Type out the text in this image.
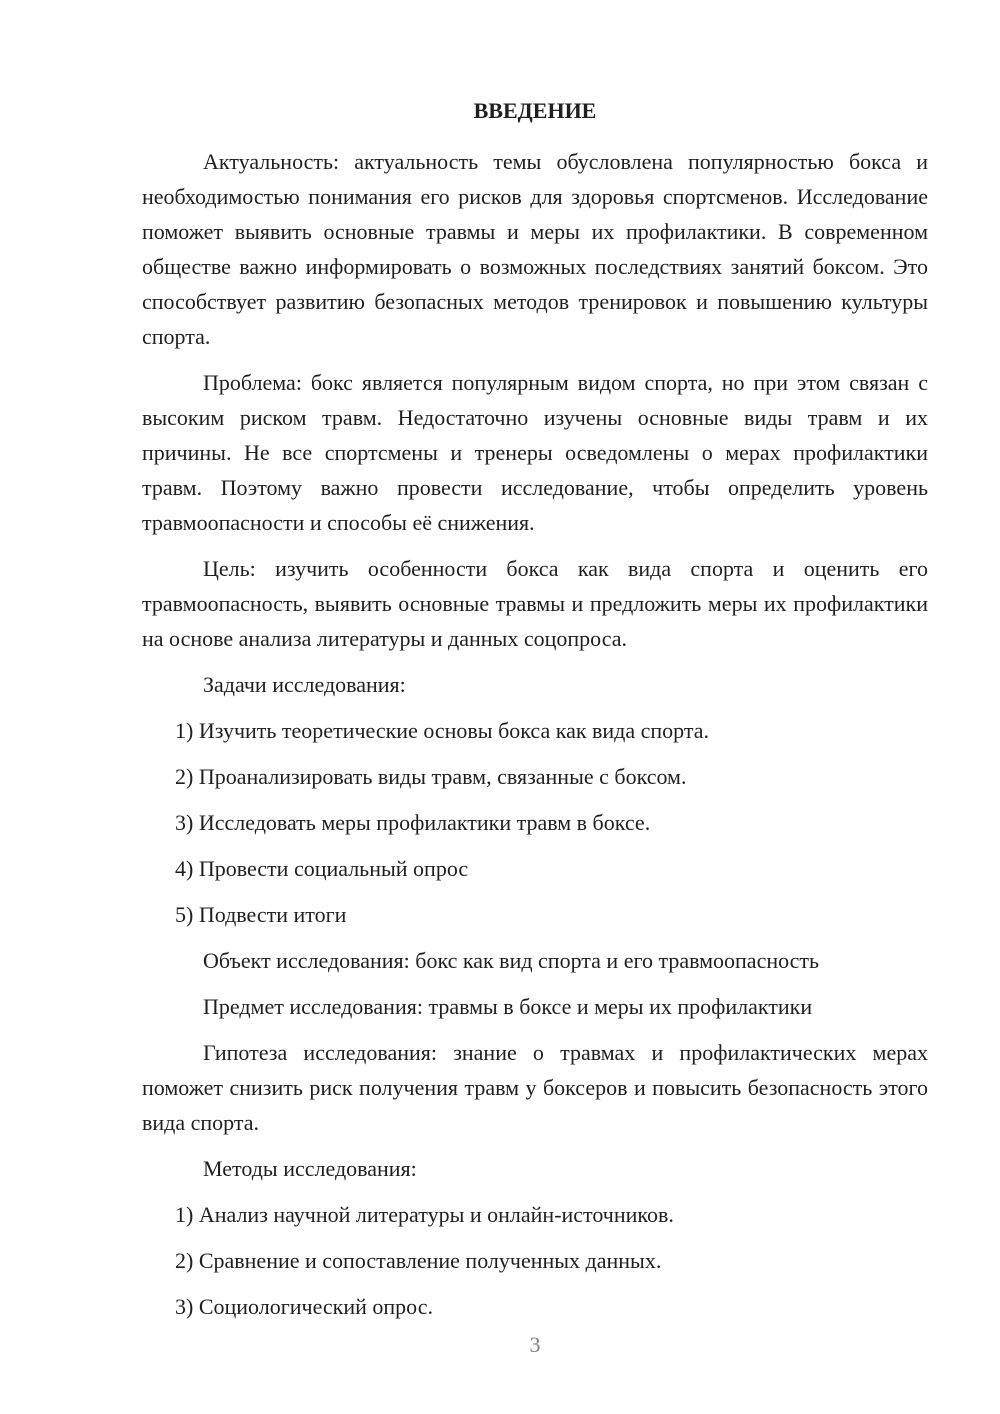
ВВЕДЕНИЕ

Актуальность: актуальность темы обусловлена популярностью бокса и необходимостью понимания его рисков для здоровья спортсменов. Исследование поможет выявить основные травмы и меры их профилактики. В современном обществе важно информировать о возможных последствиях занятий боксом. Это способствует развитию безопасных методов тренировок и повышению культуры спорта.

Проблема: бокс является популярным видом спорта, но при этом связан с высоким риском травм. Недостаточно изучены основные виды травм и их причины. Не все спортсмены и тренеры осведомлены о мерах профилактики травм. Поэтому важно провести исследование, чтобы определить уровень травмоопасности и способы её снижения.

Цель: изучить особенности бокса как вида спорта и оценить его травмоопасность, выявить основные травмы и предложить меры их профилактики на основе анализа литературы и данных соцопроса.

Задачи исследования:

1) Изучить теоретические основы бокса как вида спорта.

2) Проанализировать виды травм, связанные с боксом.

3) Исследовать меры профилактики травм в боксе.

4) Провести социальный опрос

5) Подвести итоги

Объект исследования: бокс как вид спорта и его травмоопасность

Предмет исследования: травмы в боксе и меры их профилактики

Гипотеза исследования: знание о травмах и профилактических мерах поможет снизить риск получения травм у боксеров и повысить безопасность этого вида спорта.

Методы исследования:

1) Анализ научной литературы и онлайн-источников.

2) Сравнение и сопоставление полученных данных.

3) Социологический опрос.

3
